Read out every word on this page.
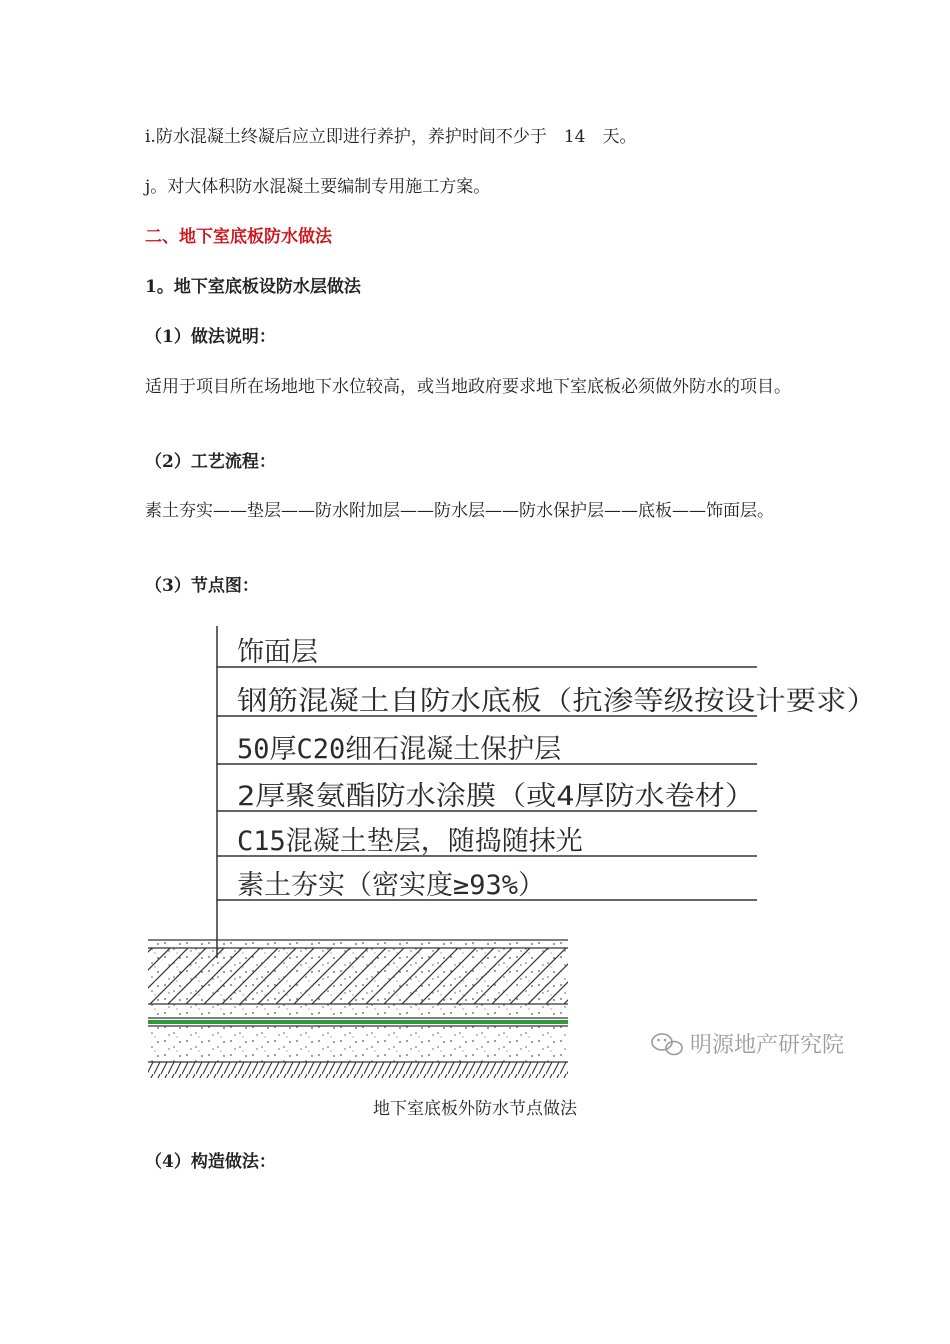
i.防水混凝土终凝后应立即进行养护，养护时间不少于　14　天。
j。对大体积防水混凝土要编制专用施工方案。
二、地下室底板防水做法
1。地下室底板设防水层做法
（1）做法说明：
适用于项目所在场地地下水位较高，或当地政府要求地下室底板必须做外防水的项目。
（2）工艺流程：
素土夯实——垫层——防水附加层——防水层——防水保护层——底板——饰面层。
（3）节点图：
饰面层
钢筋混凝土自防水底板（抗渗等级按设计要求）
50厚C20细石混凝土保护层
2厚聚氨酯防水涂膜（或4厚防水卷材）
C15混凝土垫层，随捣随抹光
素土夯实（密实度≥93%）
明源地产研究院
地下室底板外防水节点做法
（4）构造做法：
